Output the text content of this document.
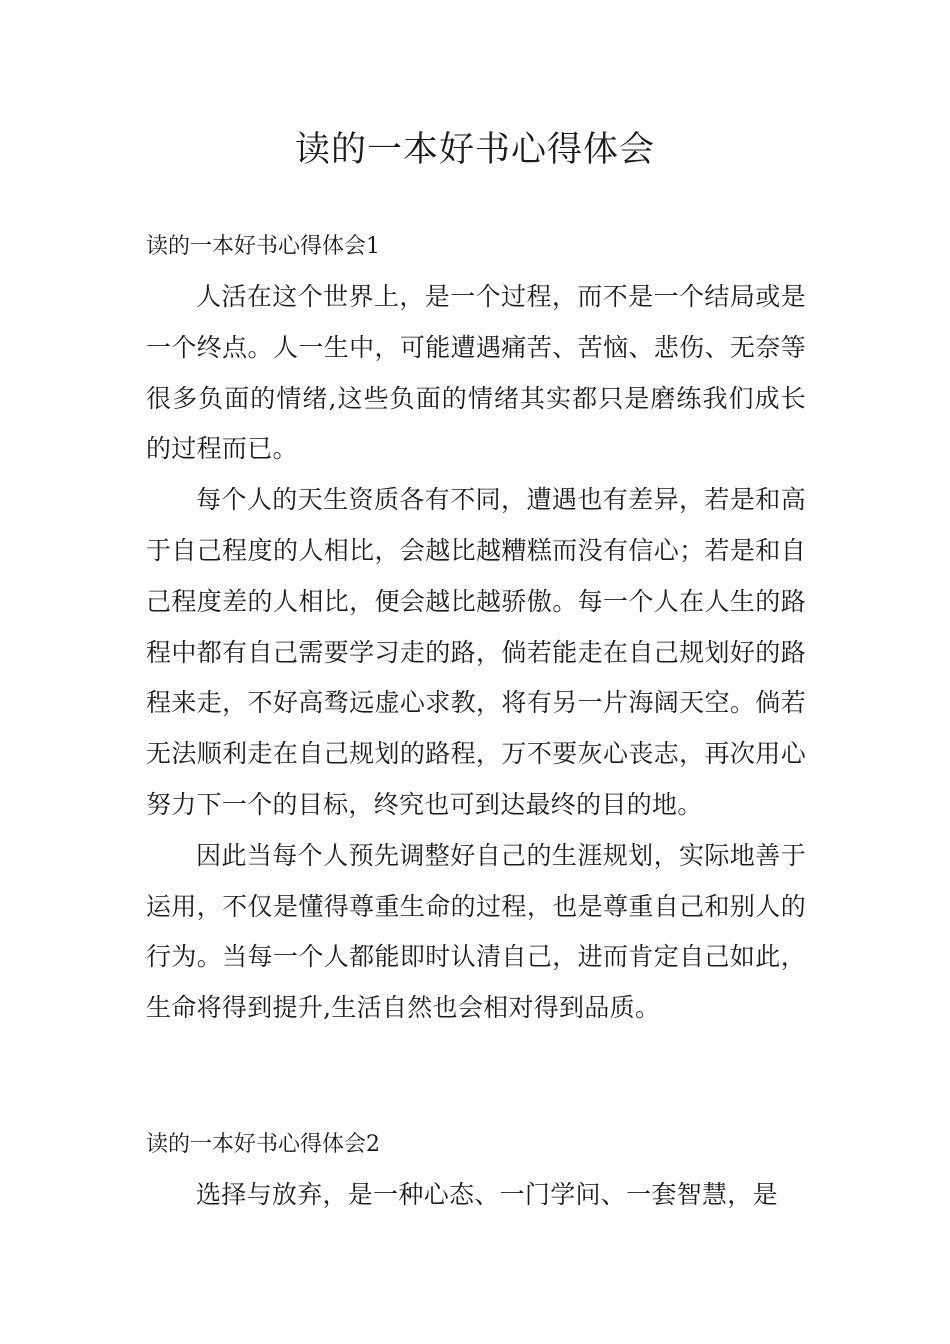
读的一本好书心得体会
读的一本好书心得体会1

人活在这个世界上，是一个过程，而不是一个结局或是一个终点。人一生中，可能遭遇痛苦、苦恼、悲伤、无奈等很多负面的情绪,这些负面的情绪其实都只是磨练我们成长的过程而已。

每个人的天生资质各有不同，遭遇也有差异，若是和高于自己程度的人相比，会越比越糟糕而没有信心；若是和自己程度差的人相比，便会越比越骄傲。每一个人在人生的路程中都有自己需要学习走的路，倘若能走在自己规划好的路程来走，不好高骛远虚心求教，将有另一片海阔天空。倘若无法顺利走在自己规划的路程，万不要灰心丧志，再次用心努力下一个的目标，终究也可到达最终的目的地。

因此当每个人预先调整好自己的生涯规划，实际地善于运用，不仅是懂得尊重生命的过程，也是尊重自己和别人的行为。当每一个人都能即时认清自己，进而肯定自己如此，生命将得到提升,生活自然也会相对得到品质。

读的一本好书心得体会2

选择与放弃，是一种心态、一门学问、一套智慧，是
